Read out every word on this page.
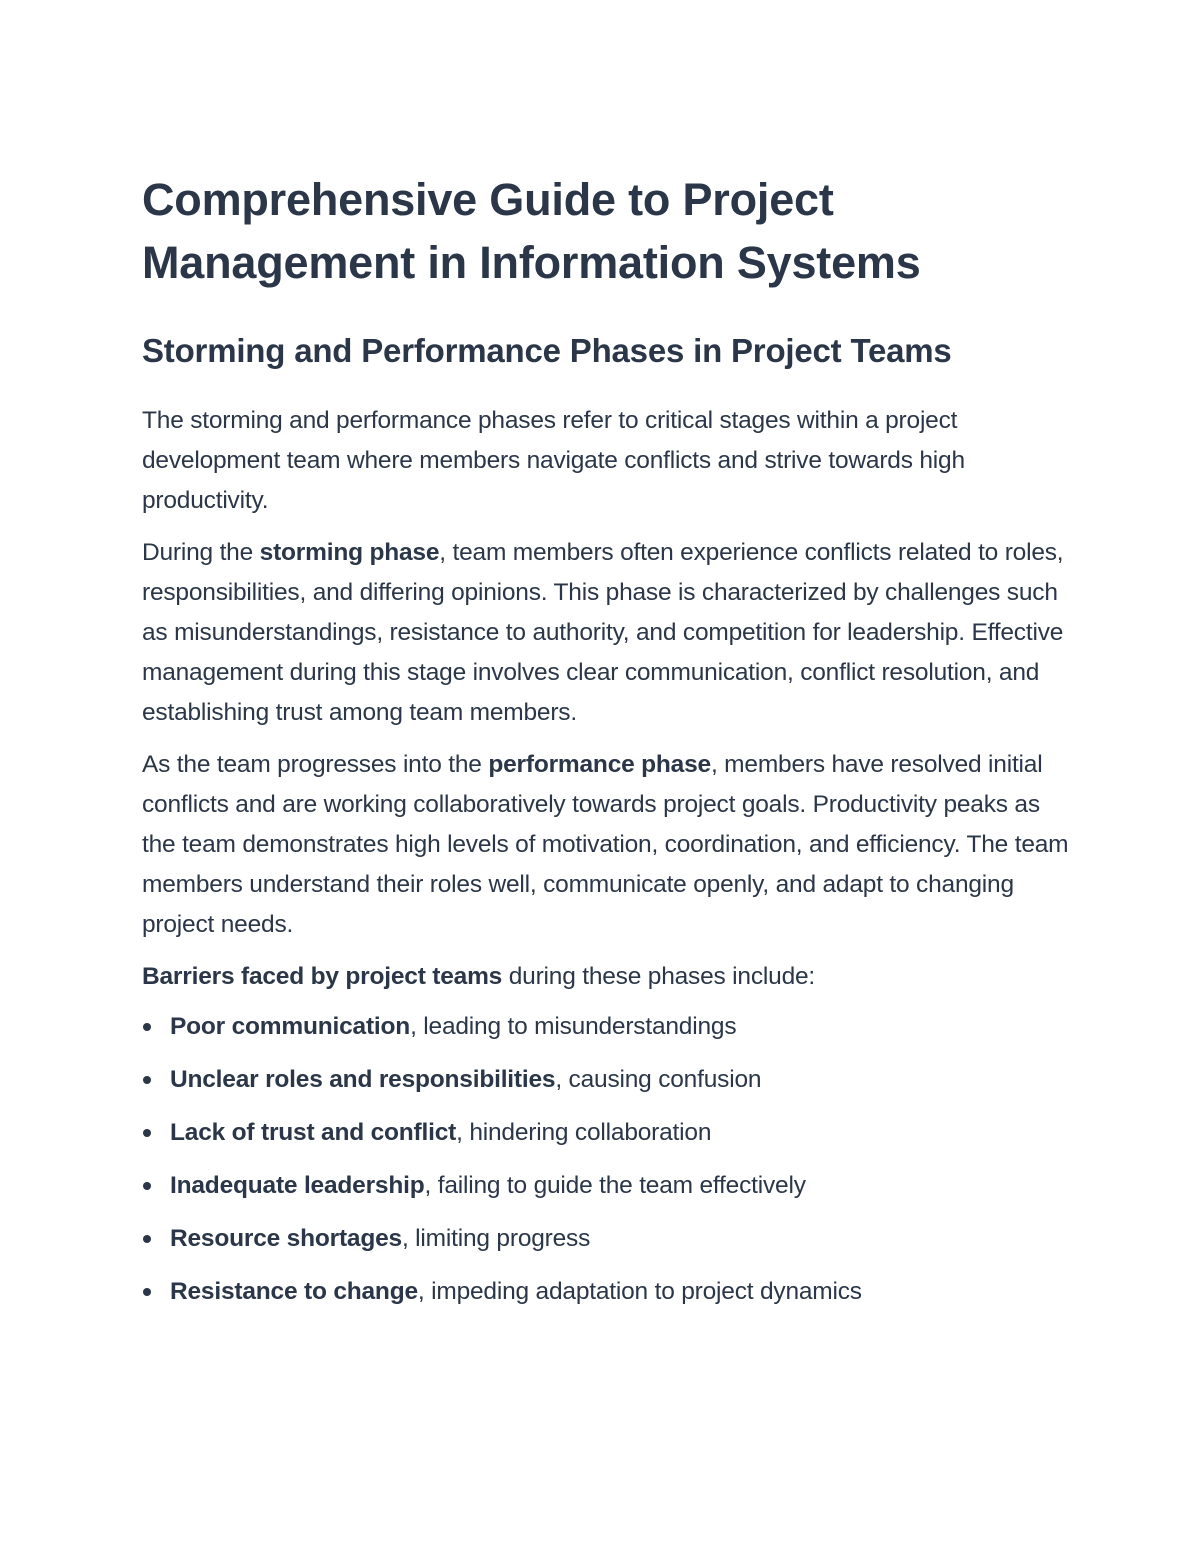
Comprehensive Guide to Project Management in Information Systems
Storming and Performance Phases in Project Teams

The storming and performance phases refer to critical stages within a project development team where members navigate conflicts and strive towards high productivity.

During the storming phase, team members often experience conflicts related to roles, responsibilities, and differing opinions. This phase is characterized by challenges such as misunderstandings, resistance to authority, and competition for leadership. Effective management during this stage involves clear communication, conflict resolution, and establishing trust among team members.

As the team progresses into the performance phase, members have resolved initial conflicts and are working collaboratively towards project goals. Productivity peaks as the team demonstrates high levels of motivation, coordination, and efficiency. The team members understand their roles well, communicate openly, and adapt to changing project needs.

Barriers faced by project teams during these phases include:

Poor communication, leading to misunderstandings
Unclear roles and responsibilities, causing confusion
Lack of trust and conflict, hindering collaboration
Inadequate leadership, failing to guide the team effectively
Resource shortages, limiting progress
Resistance to change, impeding adaptation to project dynamics
